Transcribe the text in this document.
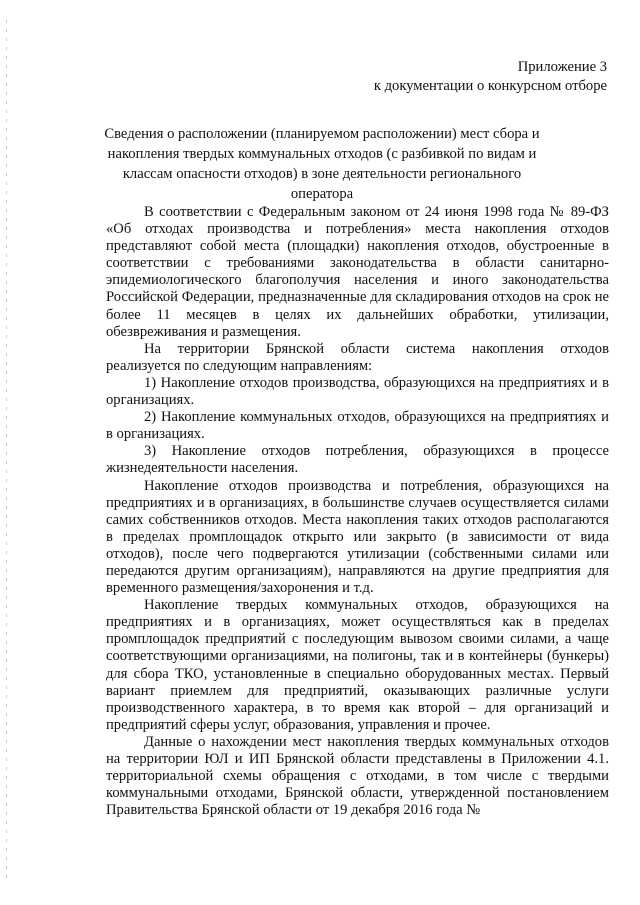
Приложение 3
к документации о конкурсном отборе
Сведения о расположении (планируемом расположении) мест сбора и накопления твердых коммунальных отходов (с разбивкой по видам и классам опасности отходов) в зоне деятельности регионального оператора

В соответствии с Федеральным законом от 24 июня 1998 года № 89-ФЗ «Об отходах производства и потребления» места накопления отходов представляют собой места (площадки) накопления отходов, обустроенные в соответствии с требованиями законодательства в области санитарно-эпидемиологического благополучия населения и иного законодательства Российской Федерации, предназначенные для складирования отходов на срок не более 11 месяцев в целях их дальнейших обработки, утилизации, обезвреживания и размещения.

На территории Брянской области система накопления отходов реализуется по следующим направлениям:

1) Накопление отходов производства, образующихся на предприятиях и в организациях.

2) Накопление коммунальных отходов, образующихся на предприятиях и в организациях.

3) Накопление отходов потребления, образующихся в процессе жизнедеятельности населения.

Накопление отходов производства и потребления, образующихся на предприятиях и в организациях, в большинстве случаев осуществляется силами самих собственников отходов. Места накопления таких отходов располагаются в пределах промплощадок открыто или закрыто (в зависимости от вида отходов), после чего подвергаются утилизации (собственными силами или передаются другим организациям), направляются на другие предприятия для временного размещения/захоронения и т.д.

Накопление твердых коммунальных отходов, образующихся на предприятиях и в организациях, может осуществляться как в пределах промплощадок предприятий с последующим вывозом своими силами, а чаще соответствующими организациями, на полигоны, так и в контейнеры (бункеры) для сбора ТКО, установленные в специально оборудованных местах. Первый вариант приемлем для предприятий, оказывающих различные услуги производственного характера, в то время как второй – для организаций и предприятий сферы услуг, образования, управления и прочее.

Данные о нахождении мест накопления твердых коммунальных отходов на территории ЮЛ и ИП Брянской области представлены в Приложении 4.1. территориальной схемы обращения с отходами, в том числе с твердыми коммунальными отходами, Брянской области, утвержденной постановлением Правительства Брянской области от 19 декабря 2016 года №
